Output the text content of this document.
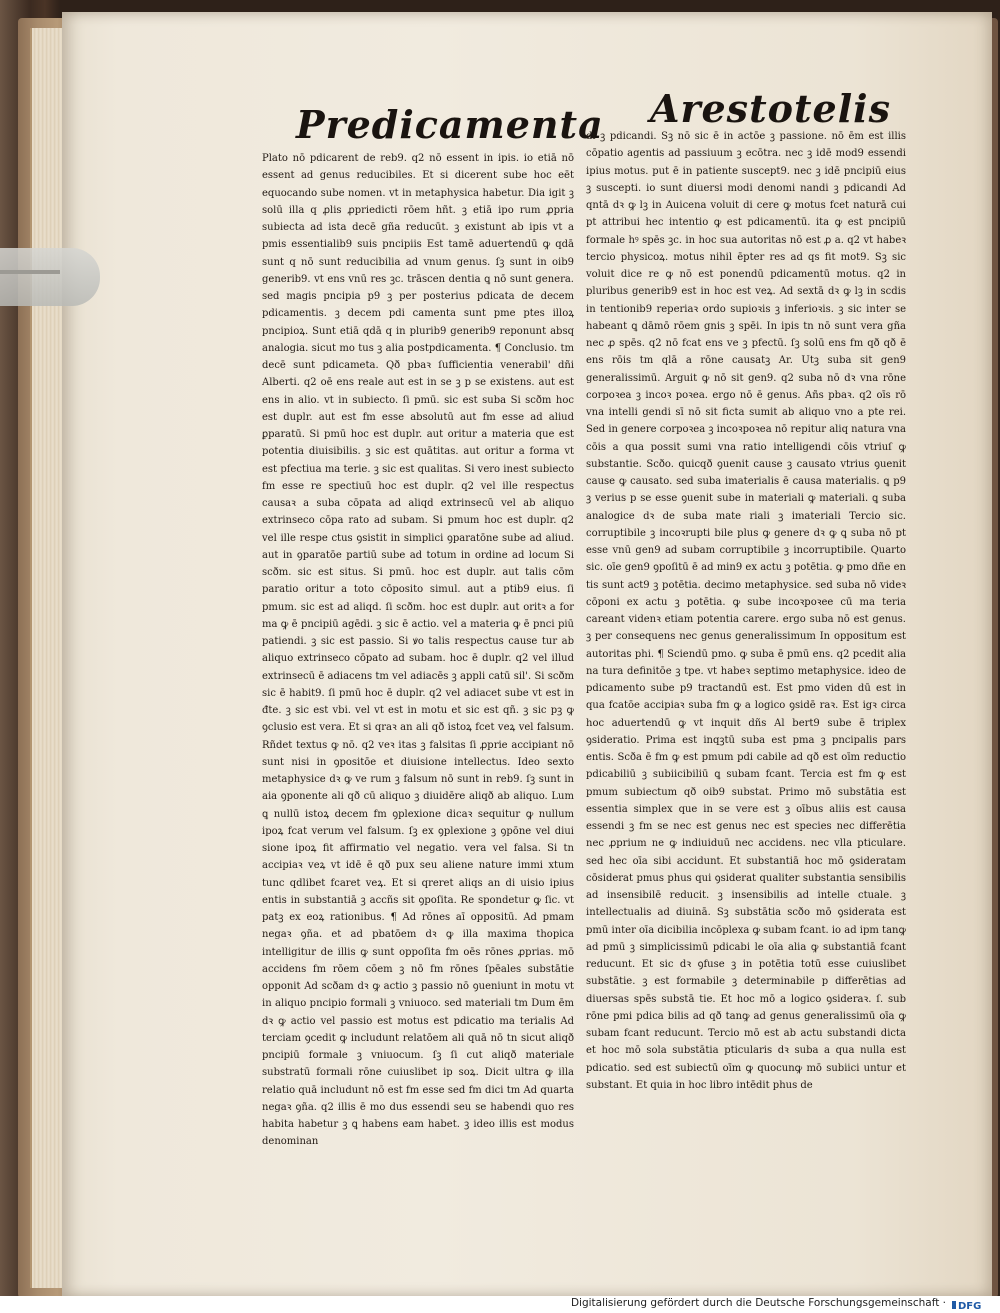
Predicamenta Arestotelis

Plato nō pdicarent de reb9. q2 nō essent in ipis. io etiā nō essent ad genus reducibiles. Et si dicerent sube hoc eēt equocando sube nomen. vt in metaphysica habetur. Dia igit ꝫ solū illa q ꝓlis ꝓpriedicti rōem hñt. ꝫ etiā ipo rum ꝓpria subiecta ad ista decē gña reducūt. ꝫ existunt ab ipis vt a pmis essentialib9 suis pncipiis Est tamē aduertendū ꝙ qdā sunt q nō sunt reducibilia ad vnum genus. ſꝫ sunt in oib9 generib9. vt ens vnū res ꝫc. trāscen dentia ꝗ nō sunt genera. sed magis pncipia p9 ꝫ per posterius pdicata de decem pdicamentis. ꝫ decem pdi camenta sunt pme ptes illoꝝ pncipioꝝ. Sunt etiā qdā q in plurib9 generib9 reponunt absq analogia. sicut mo tus ꝫ alia postpdicamenta. ¶ Conclusio. tm decē sunt pdicameta. Qð pbaꝛ ſufficientia venerabil' dñi Alberti. q2 oē ens reale aut est in se ꝫ p se existens. aut est ens in alio. vt in subiecto. ſi pmū. sic est suba Si scðm hoc est duplr. aut est fm esse absolutū aut fm esse ad aliud ꝑparatū. Si pmū hoc est duplr. aut oritur a materia que est potentia diuisibilis. ꝫ sic est quātitas. aut oritur a forma vt est pfectiua ma terie. ꝫ sic est qualitas. Si vero inest subiecto fm esse re spectiuū hoc est duplr. q2 vel ille respectus causaꝛ a suba cōpata ad aliqd extrinsecū vel ab aliquo extrinseco cōpa rato ad subam. Si pmum hoc est duplr. q2 vel ille respe ctus ꝯsistit in simplici ꝯparatōne sube ad aliud. aut in ꝯparatōe partiū sube ad totum in ordine ad locum Si scðm. sic est situs. Si pmū. hoc est duplr. aut talis cōm paratio oritur a toto cōposito simul. aut a ptib9 eius. ſi pmum. sic est ad aliqd. ſi scðm. hoc est duplr. aut oritꝛ a for ma ꝙ ē pncipiū agēdi. ꝫ sic ē actio. vel a materia ꝙ ē pnci piū patiendi. ꝫ sic est passio. Si ꝟo talis respectus cause tur ab aliquo extrinseco cōpato ad subam. hoc ē duplr. q2 vel illud extrinsecū ē adiacens tm vel adiacēs ꝫ appli catū sil'. Si scðm sic ē habit9. ſi pmū hoc ē duplr. q2 vel adiacet sube vt est in đte. ꝫ sic est vbi. vel vt est in motu et sic est qñ. ꝫ sic pꝫ ꝙ ꝯclusio est vera. Et si qraꝛ an ali qð istoꝝ fcet veꝝ vel falsum. Rñdet textus ꝙ nō. q2 veꝛ itas ꝫ falsitas ſi ꝓprie accipiant nō sunt nisi in ꝯpositōe et diuisione intellectus. Ideo sexto metaphysice dꝛ ꝙ ve rum ꝫ falsum nō sunt in reb9. ſꝫ sunt in aia ꝯponente ali qð cū aliquo ꝫ diuidēre aliqð ab aliquo. Lum ꝗ nullū istoꝝ decem fm ꝯplexione dicaꝛ sequitur ꝙ nullum ipoꝝ fcat verum vel falsum. ſꝫ ex ꝯplexione ꝫ ꝯpōne vel diui sione ipoꝝ fit affirmatio vel negatio. vera vel falsa. Si tn accipiaꝛ veꝝ vt idē ē qð pux seu aliene nature immi xtum tunc qdlibet fcaret veꝝ. Et si qreret aliqs an di uisio ipius entis in substantiā ꝫ accñs sit ꝯpoſita. Re spondetur ꝙ ſic. vt patꝫ ex eoꝝ rationibus. ¶ Ad rōnes aī oppositū. Ad pmam negaꝛ ꝯña. et ad pbatōem dꝛ ꝙ illa maxima thopica intelligitur de illis ꝙ sunt oppoſita fm oēs rōnes ꝓprias. mō accidens fm rōem cōem ꝫ nō fm rōnes ſpēales substātie opponit Ad scðam dꝛ ꝙ actio ꝫ passio nō ꝯueniunt in motu vt in aliquo pncipio formali ꝫ vniuoco. sed materiali tm Dum ēm dꝛ ꝙ actio vel passio est motus est pdicatio ma terialis Ad terciam ꝯcedit ꝙ includunt relatōem ali quā nō tn sicut aliqð pncipiū formale ꝫ vniuocum. ſꝫ ſi cut aliqð materiale substratū formali rōne cuiuslibet ip soꝝ. Dicit ultra ꝙ illa relatio quā includunt nō est fm esse sed fm dici tm Ad quarta negaꝛ ꝯña. q2 illis ē mo dus essendi seu se habendi quo res habita habetur ꝫ ꝗ habens eam habet. ꝫ ideo illis est modus denominan

di ꝫ pdicandi. Sꝫ nō sic ē in actōe ꝫ passione. nō ēm est illis cōpatio agentis ad passiuum ꝫ ecōtra. nec ꝫ idē mod9 essendi ipius motus. put ē in patiente suscept9. nec ꝫ idē pncipiū eius ꝫ suscepti. io sunt diuersi modi denomi nandi ꝫ pdicandi Ad qntā dꝛ ꝙ lꝫ in Auicena voluit di cere ꝙ motus fcet naturā cui pt attribui hec intentio ꝙ est pdicamentū. ita ꝙ est pncipiū formale hꝰ spēs ꝫc. in hoc sua autoritas nō est ꝓ a. q2 vt habeꝛ tercio physicoꝝ. motus nihil ēpter res ad qs fit mot9. Sꝫ sic voluit dice re ꝙ nō est ponendū pdicamentū motus. q2 in pluribus generib9 est in hoc est veꝝ. Ad sextā dꝛ ꝙ lꝫ in scdis in tentionib9 reperiaꝛ ordo supioꝛis ꝫ inferioꝛis. ꝫ sic inter se habeant ꝗ dāmō rōem gnis ꝫ spēi. In ipis tn nō sunt vera gña nec ꝓ spēs. q2 nō fcat ens ve ꝫ pfectū. ſꝫ solū ens fm qð qð ē ens rōis tm qlā a rōne causatꝫ Ar. Utꝫ suba sit gen9 generalissimū. Arguit ꝙ nō sit gen9. q2 suba nō dꝛ vna rōne corpoꝛea ꝫ incoꝛ poꝛea. ergo nō ē genus. Añs pbaꝛ. q2 oīs rō vna intelli gendi sī nō sit ficta sumit ab aliquo vno a pte rei. Sed in genere corpoꝛea ꝫ incoꝛpoꝛea nō repitur aliq natura vna cōis a qua possit sumi vna ratio intelligendi cōis vtriuſ ꝙ substantie. Scðo. quicqð ꝯuenit cause ꝫ causato vtrius ꝯuenit cause ꝙ causato. sed suba imaterialis ē causa materialis. ꝗ p9 ꝫ verius p se esse ꝯuenit sube in materiali ꝙ materiali. ꝗ suba analogice dꝛ de suba mate riali ꝫ imateriali Tercio sic. corruptibile ꝫ incoꝛrupti bile plus ꝙ genere dꝛ ꝙ ꝗ suba nō pt esse vnū gen9 ad subam corruptibile ꝫ incorruptibile. Quarto sic. oīe gen9 ꝯpoſitū ē ad min9 ex actu ꝫ potētia. ꝙ pmo dñe en tis sunt act9 ꝫ potētia. decimo metaphysice. sed suba nō videꝛ cōponi ex actu ꝫ potētia. ꝙ sube incoꝛpoꝛee cū ma teria careant videnꝛ etiam potentia carere. ergo suba nō est genus. ꝫ per consequens nec genus generalissimum In oppositum est autoritas phi. ¶ Sciendū pmo. ꝙ suba ē pmū ens. q2 pcedit alia na tura definitōe ꝫ tpe. vt habeꝛ septimo metaphysice. ideo de pdicamento sube p9 tractandū est. Est pmo viden dū est in qua fcatōe accipiaꝛ suba fm ꝙ a logico ꝯsidē raꝛ. Est igꝛ circa hoc aduertendū ꝙ vt inquit dñs Al bert9 sube ē triplex ꝯsideratio. Prima est inqꝫtū suba est pma ꝫ pncipalis pars entis. Scða ē fm ꝙ est pmum pdi cabile ad qð est oīm reductio pdicabiliū ꝫ subiicibiliū ꝗ subam fcant. Tercia est fm ꝙ est pmum subiectum qð oib9 substat. Primo mō substātia est essentia simplex que in se vere est ꝫ oībus aliis est causa essendi ꝫ fm se nec est genus nec est species nec differētia nec ꝓprium ne ꝙ indiuiduū nec accidens. nec vlla pticulare. sed hec oīa sibi accidunt. Et substantiā hoc mō ꝯsideratam cōsiderat pmus phus qui ꝯsiderat qualiter substantia sensibilis ad insensibilē reducit. ꝫ insensibilis ad intelle ctuale. ꝫ intellectualis ad diuinā. Sꝫ substātia scðo mō ꝯsiderata est pmū inter oīa dicibilia incōplexa ꝙ subam fcant. io ad ipm tanꝙ ad pmū ꝫ simplicissimū pdicabi le oīa alia ꝙ substantiā fcant reducunt. Et sic dꝛ ꝯfuse ꝫ in potētia totū esse cuiuslibet substātie. ꝫ est formabile ꝫ determinabile p differētias ad diuersas spēs substā tie. Et hoc mō a logico ꝯsideraꝛ. ſ. sub rōne pmi pdica bilis ad qð tanꝙ ad genus generalissimū oīa ꝙ subam fcant reducunt. Tercio mō est ab actu substandi dicta et hoc mō sola substātia pticularis dꝛ suba a qua nulla est pdicatio. sed est subiectū oīm ꝙ quocunꝙ mō subiici untur et substant. Et quia in hoc libro intēdit phus de

Digitalisierung gefördert durch die Deutsche Forschungsgemeinschaft · DFG
